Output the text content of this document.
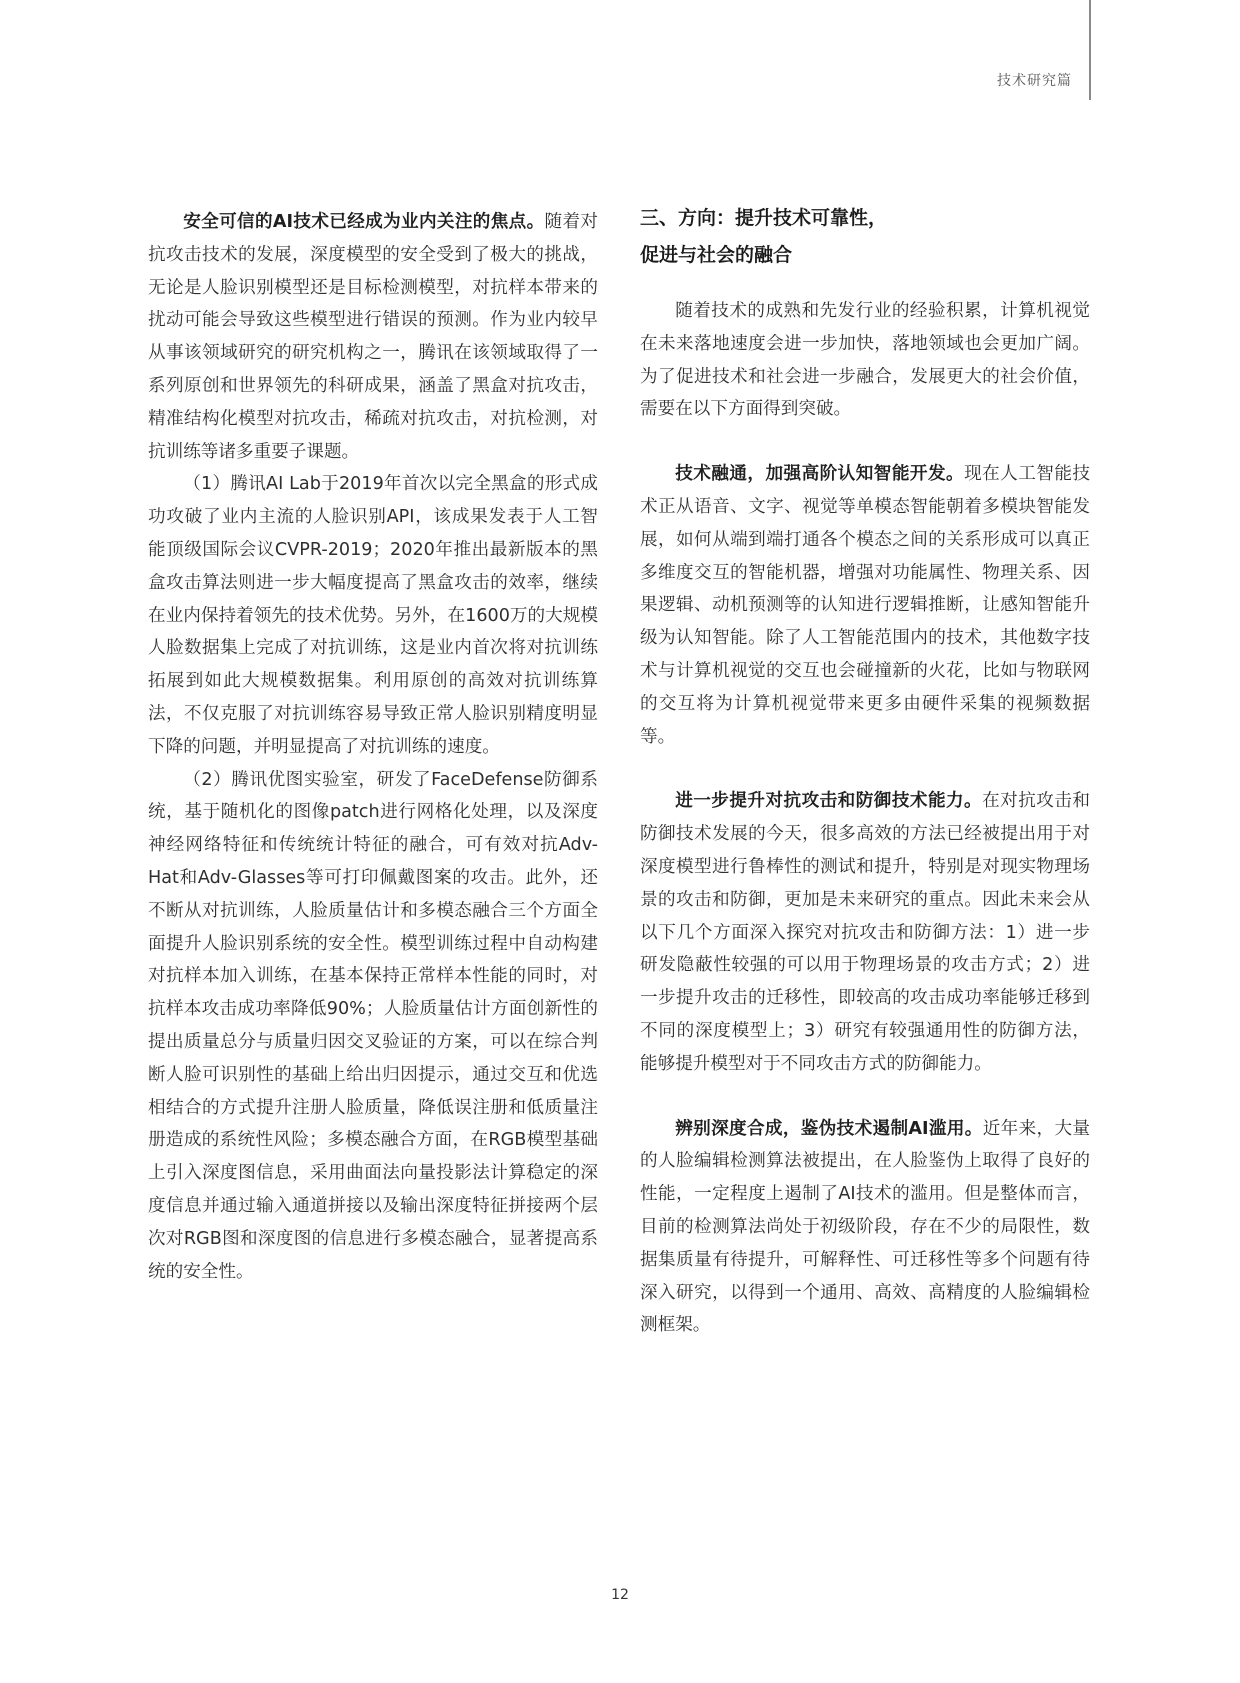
技术研究篇

安全可信的AI技术已经成为业内关注的焦点。随着对抗攻击技术的发展，深度模型的安全受到了极大的挑战，无论是人脸识别模型还是目标检测模型，对抗样本带来的扰动可能会导致这些模型进行错误的预测。作为业内较早从事该领域研究的研究机构之一，腾讯在该领域取得了一系列原创和世界领先的科研成果，涵盖了黑盒对抗攻击，精准结构化模型对抗攻击，稀疏对抗攻击，对抗检测，对抗训练等诸多重要子课题。

（1）腾讯AI Lab于2019年首次以完全黑盒的形式成功攻破了业内主流的人脸识别API，该成果发表于人工智能顶级国际会议CVPR-2019；2020年推出最新版本的黑盒攻击算法则进一步大幅度提高了黑盒攻击的效率，继续在业内保持着领先的技术优势。另外，在1600万的大规模人脸数据集上完成了对抗训练，这是业内首次将对抗训练拓展到如此大规模数据集。利用原创的高效对抗训练算法，不仅克服了对抗训练容易导致正常人脸识别精度明显下降的问题，并明显提高了对抗训练的速度。

（2）腾讯优图实验室，研发了FaceDefense防御系统，基于随机化的图像patch进行网格化处理，以及深度神经网络特征和传统统计特征的融合，可有效对抗Adv-Hat和Adv-Glasses等可打印佩戴图案的攻击。此外，还不断从对抗训练，人脸质量估计和多模态融合三个方面全面提升人脸识别系统的安全性。模型训练过程中自动构建对抗样本加入训练，在基本保持正常样本性能的同时，对抗样本攻击成功率降低90%；人脸质量估计方面创新性的提出质量总分与质量归因交叉验证的方案，可以在综合判断人脸可识别性的基础上给出归因提示，通过交互和优选相结合的方式提升注册人脸质量，降低误注册和低质量注册造成的系统性风险；多模态融合方面，在RGB模型基础上引入深度图信息，采用曲面法向量投影法计算稳定的深度信息并通过输入通道拼接以及输出深度特征拼接两个层次对RGB图和深度图的信息进行多模态融合，显著提高系统的安全性。

三、方向：提升技术可靠性，
促进与社会的融合

随着技术的成熟和先发行业的经验积累，计算机视觉在未来落地速度会进一步加快，落地领域也会更加广阔。为了促进技术和社会进一步融合，发展更大的社会价值，需要在以下方面得到突破。

技术融通，加强高阶认知智能开发。现在人工智能技术正从语音、文字、视觉等单模态智能朝着多模块智能发展，如何从端到端打通各个模态之间的关系形成可以真正多维度交互的智能机器，增强对功能属性、物理关系、因果逻辑、动机预测等的认知进行逻辑推断，让感知智能升级为认知智能。除了人工智能范围内的技术，其他数字技术与计算机视觉的交互也会碰撞新的火花，比如与物联网的交互将为计算机视觉带来更多由硬件采集的视频数据等。

进一步提升对抗攻击和防御技术能力。在对抗攻击和防御技术发展的今天，很多高效的方法已经被提出用于对深度模型进行鲁棒性的测试和提升，特别是对现实物理场景的攻击和防御，更加是未来研究的重点。因此未来会从以下几个方面深入探究对抗攻击和防御方法：1）进一步研发隐蔽性较强的可以用于物理场景的攻击方式；2）进一步提升攻击的迁移性，即较高的攻击成功率能够迁移到不同的深度模型上；3）研究有较强通用性的防御方法，能够提升模型对于不同攻击方式的防御能力。

辨别深度合成，鉴伪技术遏制AI滥用。近年来，大量的人脸编辑检测算法被提出，在人脸鉴伪上取得了良好的性能，一定程度上遏制了AI技术的滥用。但是整体而言，目前的检测算法尚处于初级阶段，存在不少的局限性，数据集质量有待提升，可解释性、可迁移性等多个问题有待深入研究，以得到一个通用、高效、高精度的人脸编辑检测框架。

12
